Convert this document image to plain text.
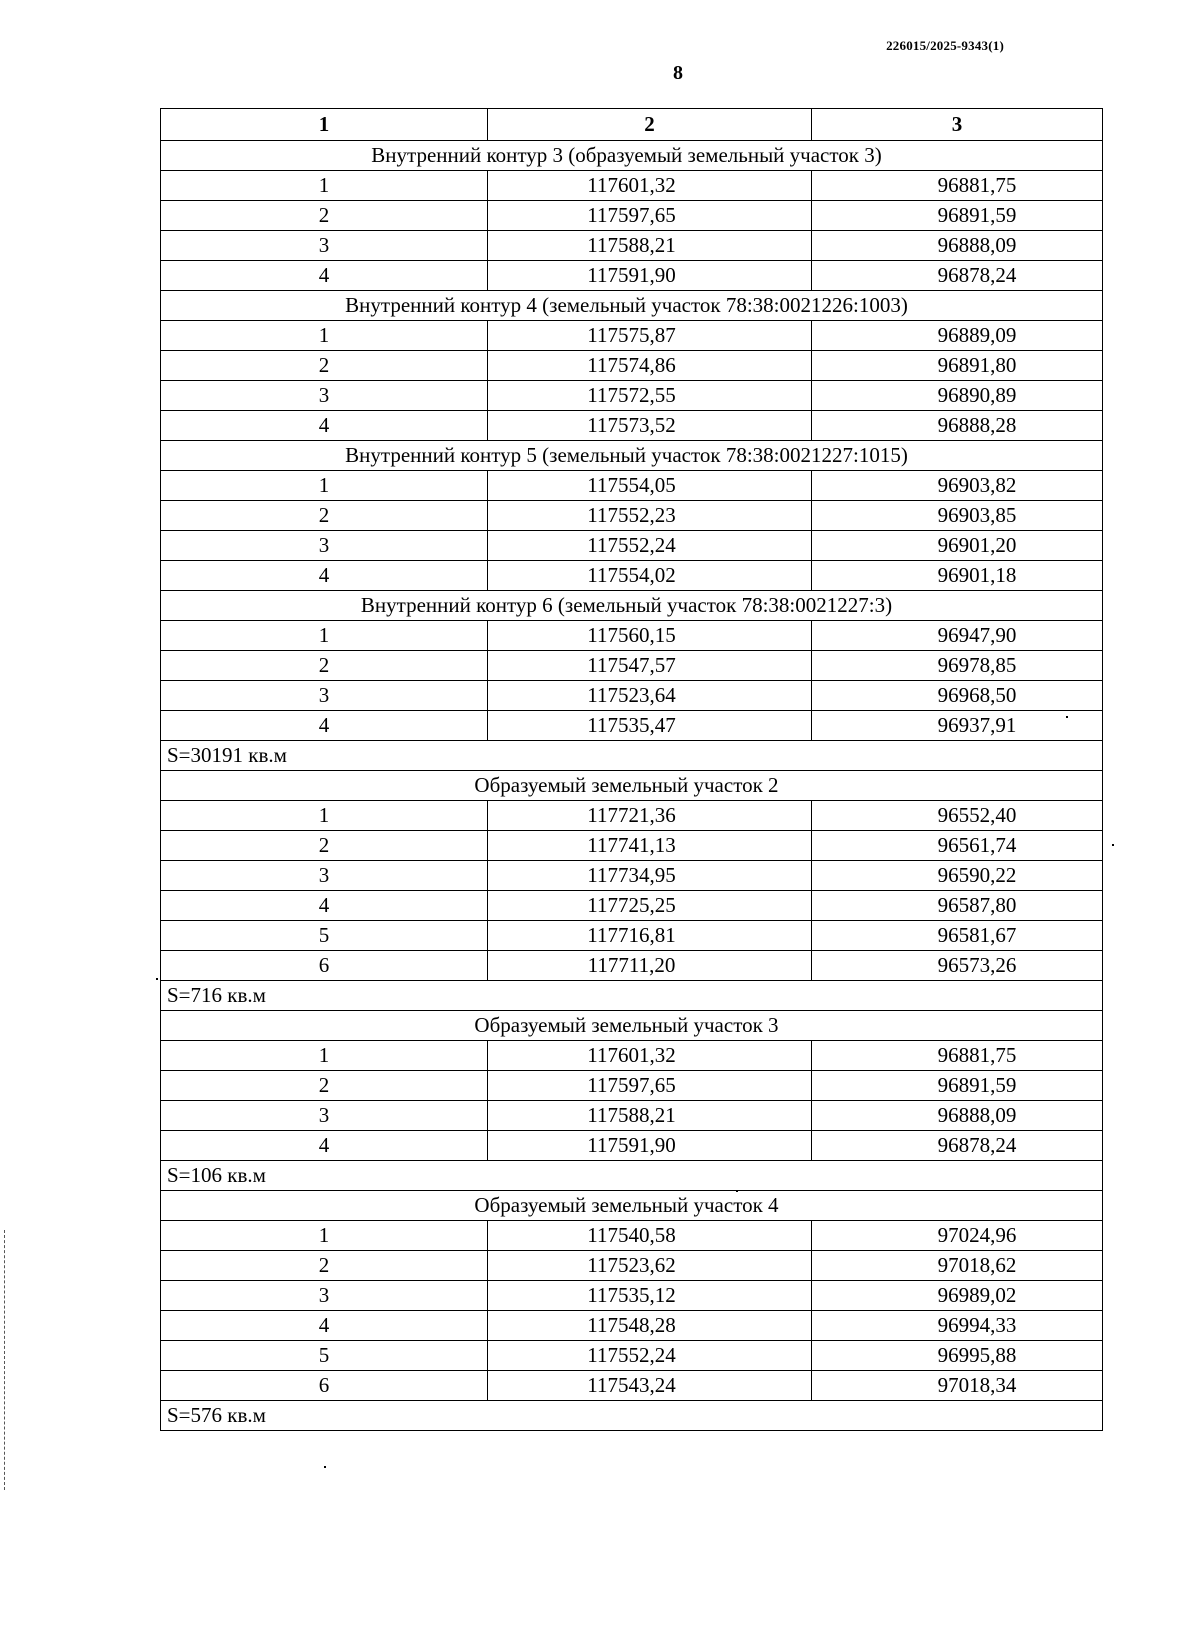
226015/2025-9343(1)
8
1	2	3
Внутренний контур 3 (образуемый земельный участок 3)		
1	117601,32	96881,75
2	117597,65	96891,59
3	117588,21	96888,09
4	117591,90	96878,24
Внутренний контур 4 (земельный участок 78:38:0021226:1003)		
1	117575,87	96889,09
2	117574,86	96891,80
3	117572,55	96890,89
4	117573,52	96888,28
Внутренний контур 5 (земельный участок 78:38:0021227:1015)		
1	117554,05	96903,82
2	117552,23	96903,85
3	117552,24	96901,20
4	117554,02	96901,18
Внутренний контур 6 (земельный участок 78:38:0021227:3)		
1	117560,15	96947,90
2	117547,57	96978,85
3	117523,64	96968,50
4	117535,47	96937,91
S=30191 кв.м		
Образуемый земельный участок 2		
1	117721,36	96552,40
2	117741,13	96561,74
3	117734,95	96590,22
4	117725,25	96587,80
5	117716,81	96581,67
6	117711,20	96573,26
S=716 кв.м		
Образуемый земельный участок 3		
1	117601,32	96881,75
2	117597,65	96891,59
3	117588,21	96888,09
4	117591,90	96878,24
S=106 кв.м		
Образуемый земельный участок 4		
1	117540,58	97024,96
2	117523,62	97018,62
3	117535,12	96989,02
4	117548,28	96994,33
5	117552,24	96995,88
6	117543,24	97018,34
S=576 кв.м		
